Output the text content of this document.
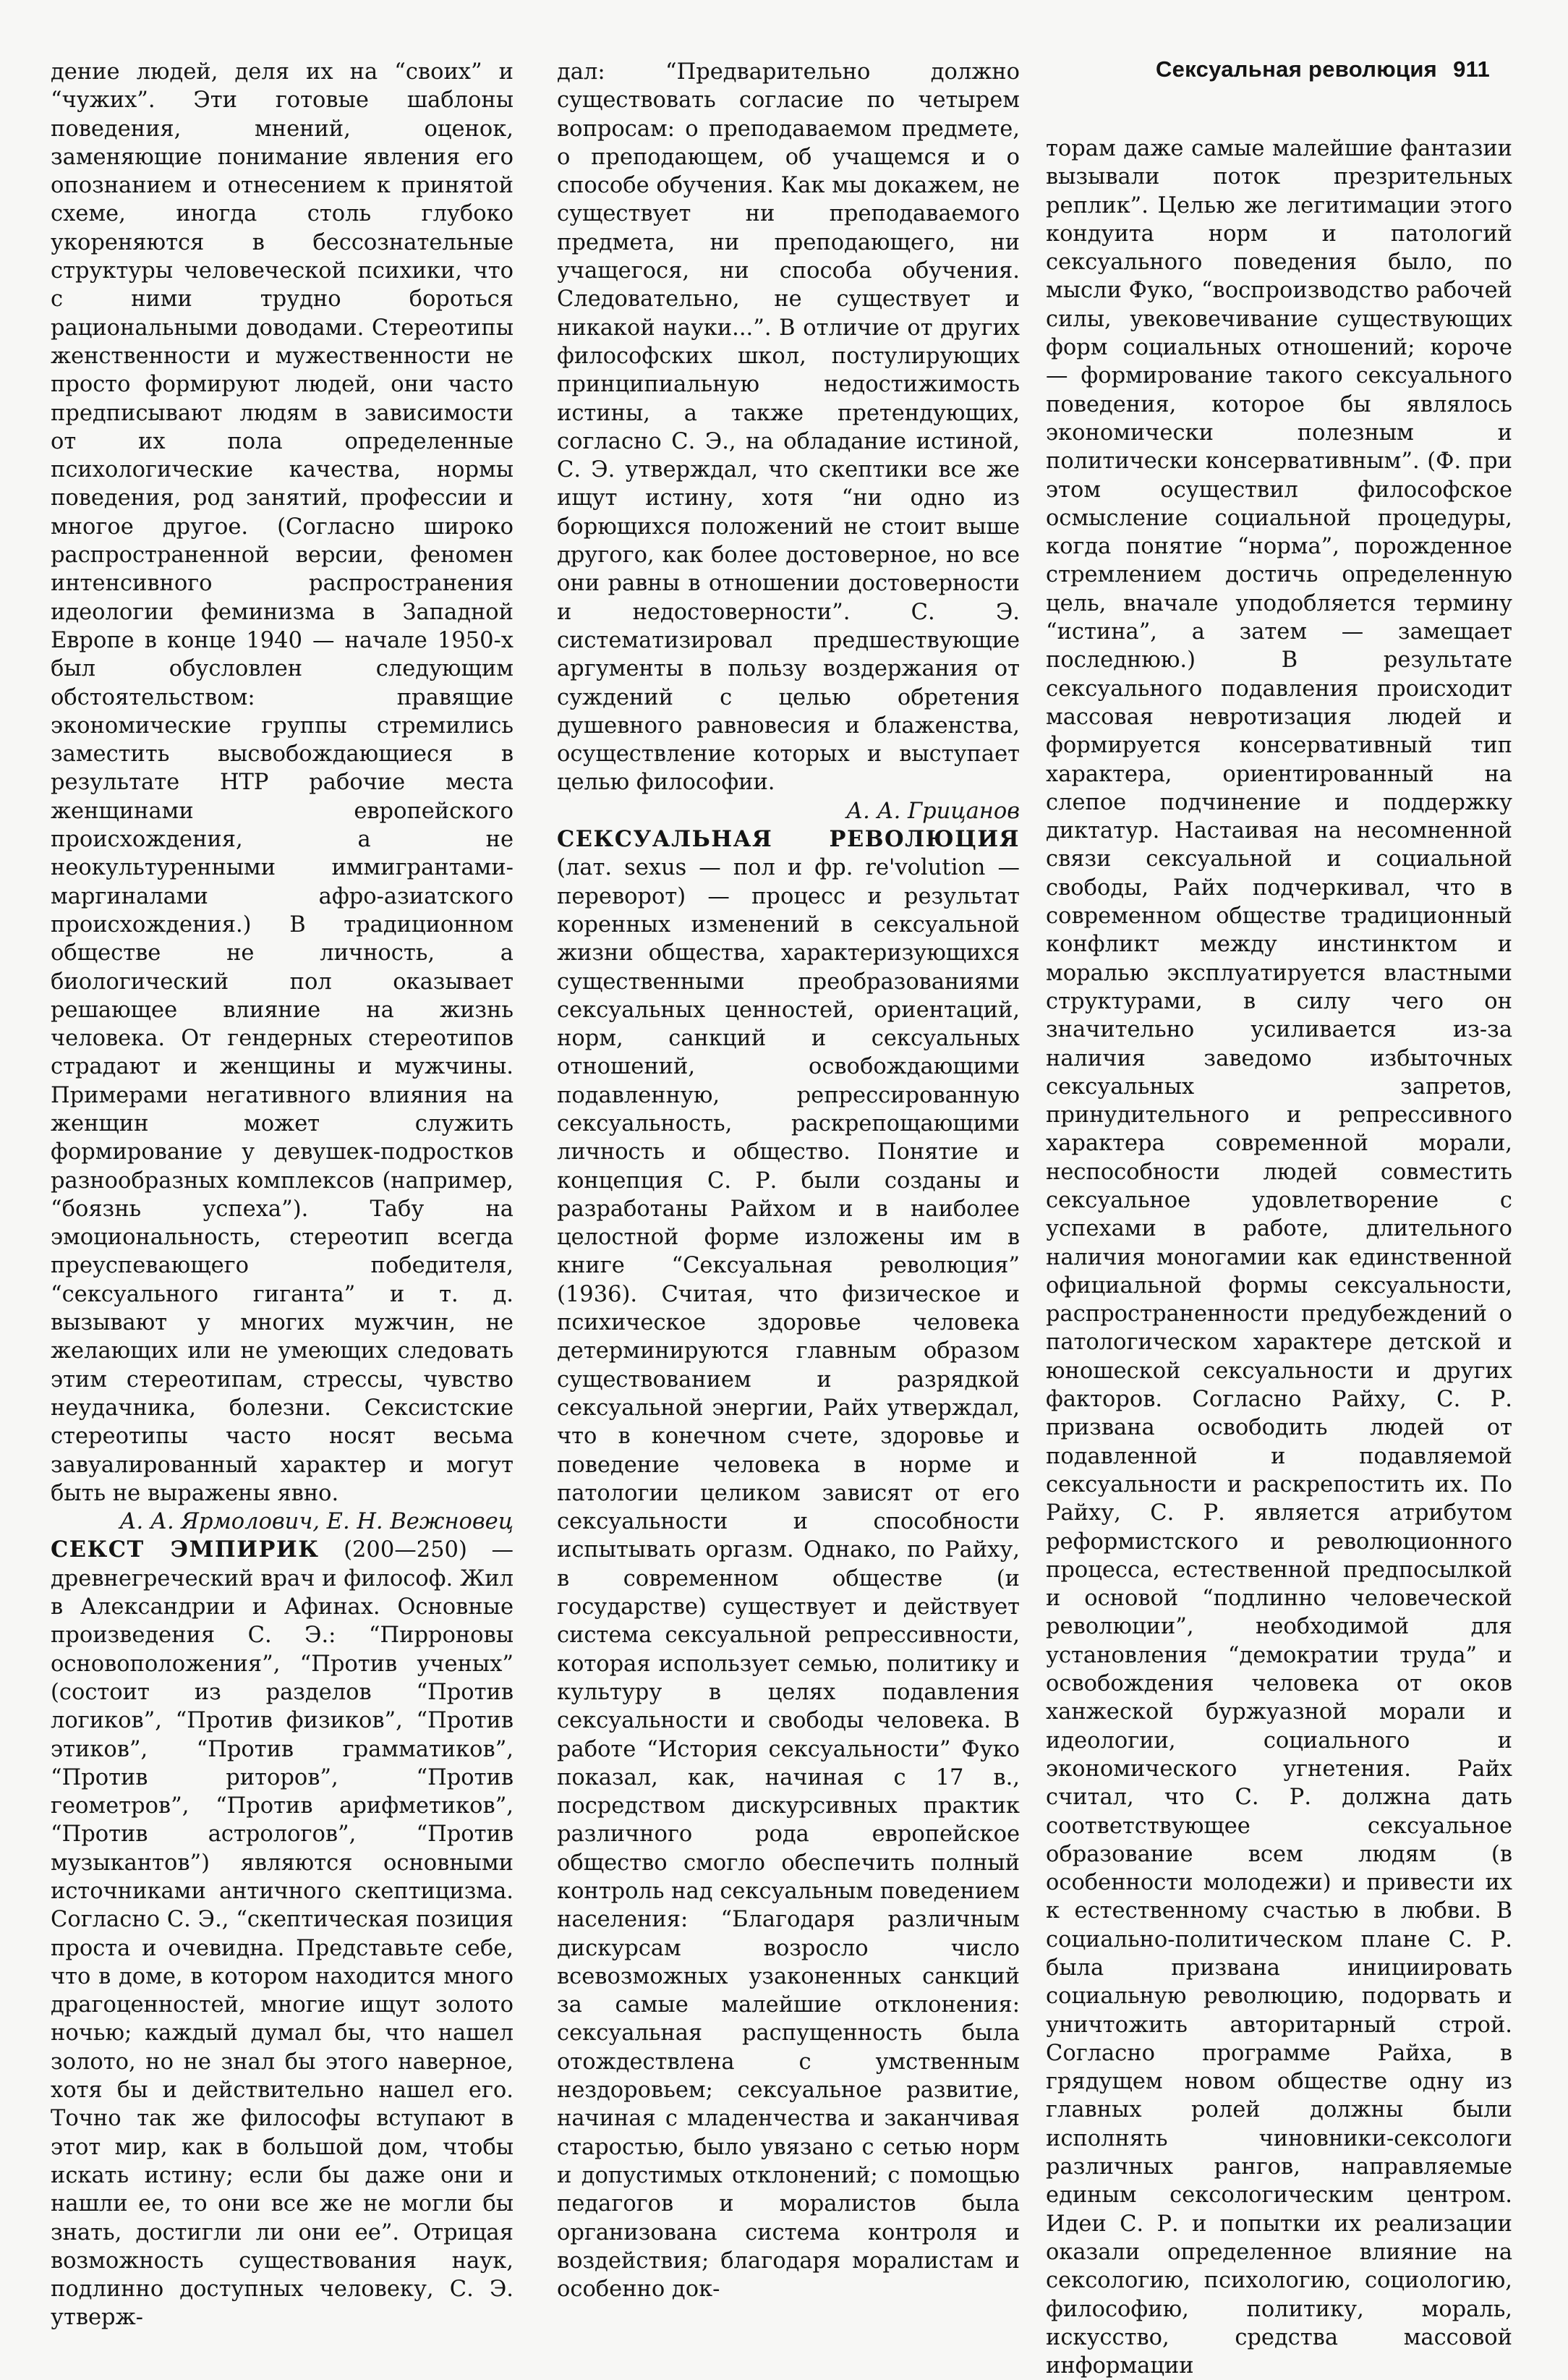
Сексуальная революция 911

дение людей, деля их на “своих” и “чужих”. Эти готовые шаблоны поведения, мнений, оценок, заменяющие понимание явления его опознанием и отнесением к принятой схеме, иногда столь глубоко укореняются в бессознательные структуры человеческой психики, что с ними трудно бороться рациональными доводами. Стереотипы женственности и мужественности не просто формируют людей, они часто предписывают людям в зависимости от их пола определенные психологические качества, нормы поведения, род занятий, профессии и многое другое. (Согласно широко распространенной версии, феномен интенсивного распространения идеологии феминизма в Западной Европе в конце 1940 — начале 1950-х был обусловлен следующим обстоятельством: правящие экономические группы стремились заместить высвобождающиеся в результате НТР рабочие места женщинами европейского происхождения, а не неокультуренными иммигрантами-маргиналами афро-азиатского происхождения.) В традиционном обществе не личность, а биологический пол оказывает решающее влияние на жизнь человека. От гендерных стереотипов страдают и женщины и мужчины. Примерами негативного влияния на женщин может служить формирование у девушек-подростков разнообразных комплексов (например, “боязнь успеха”). Табу на эмоциональность, стереотип всегда преуспевающего победителя, “сексуального гиганта” и т. д. вызывают у многих мужчин, не желающих или не умеющих следовать этим стереотипам, стрессы, чувство неудачника, болезни. Сексистские стереотипы часто носят весьма завуалированный характер и могут быть не выражены явно.

А. А. Ярмолович, Е. Н. Вежновец

СЕКСТ ЭМПИРИК (200—250) — древнегреческий врач и философ. Жил в Александрии и Афинах. Основные произведения С. Э.: “Пирроновы основоположения”, “Против ученых” (состоит из разделов “Против логиков”, “Против физиков”, “Против этиков”, “Против грамматиков”, “Против риторов”, “Против геометров”, “Против арифметиков”, “Против астрологов”, “Против музыкантов”) являются основными источниками античного скептицизма. Согласно С. Э., “скептическая позиция проста и очевидна. Представьте себе, что в доме, в котором находится много драгоценностей, многие ищут золото ночью; каждый думал бы, что нашел золото, но не знал бы этого наверное, хотя бы и действительно нашел его. Точно так же философы вступают в этот мир, как в большой дом, чтобы искать истину; если бы даже они и нашли ее, то они все же не могли бы знать, достигли ли они ее”. Отрицая возможность существования наук, подлинно доступных человеку, С. Э. утверж-

дал: “Предварительно должно существовать согласие по четырем вопросам: о преподаваемом предмете, о преподающем, об учащемся и о способе обучения. Как мы докажем, не существует ни преподаваемого предмета, ни преподающего, ни учащегося, ни способа обучения. Следовательно, не существует и никакой науки...”. В отличие от других философских школ, постулирующих принципиальную недостижимость истины, а также претендующих, согласно С. Э., на обладание истиной, С. Э. утверждал, что скептики все же ищут истину, хотя “ни одно из борющихся положений не стоит выше другого, как более достоверное, но все они равны в отношении достоверности и недостоверности”. С. Э. систематизировал предшествующие аргументы в пользу воздержания от суждений с целью обретения душевного равновесия и блаженства, осуществление которых и выступает целью философии.

А. А. Грицанов

СЕКСУАЛЬНАЯ РЕВОЛЮЦИЯ (лат. sexus — пол и фр. re'volution — переворот) — процесс и результат коренных изменений в сексуальной жизни общества, характеризующихся существенными преобразованиями сексуальных ценностей, ориентаций, норм, санкций и сексуальных отношений, освобождающими подавленную, репрессированную сексуальность, раскрепощающими личность и общество. Понятие и концепция С. Р. были созданы и разработаны Райхом и в наиболее целостной форме изложены им в книге “Сексуальная революция” (1936). Считая, что физическое и психическое здоровье человека детерминируются главным образом существованием и разрядкой сексуальной энергии, Райх утверждал, что в конечном счете, здоровье и поведение человека в норме и патологии целиком зависят от его сексуальности и способности испытывать оргазм. Однако, по Райху, в современном обществе (и государстве) существует и действует система сексуальной репрессивности, которая использует семью, политику и культуру в целях подавления сексуальности и свободы человека. В работе “История сексуальности” Фуко показал, как, начиная с 17 в., посредством дискурсивных практик различного рода европейское общество смогло обеспечить полный контроль над сексуальным поведением населения: “Благодаря различным дискурсам возросло число всевозможных узаконенных санкций за самые малейшие отклонения: сексуальная распущенность была отождествлена с умственным нездоровьем; сексуальное развитие, начиная с младенчества и заканчивая старостью, было увязано с сетью норм и допустимых отклонений; с помощью педагогов и моралистов была организована система контроля и воздействия; благодаря моралистам и особенно док-

торам даже самые малейшие фантазии вызывали поток презрительных реплик”. Целью же легитимации этого кондуита норм и патологий сексуального поведения было, по мысли Фуко, “воспроизводство рабочей силы, увековечивание существующих форм социальных отношений; короче — формирование такого сексуального поведения, которое бы являлось экономически полезным и политически консервативным”. (Ф. при этом осуществил философское осмысление социальной процедуры, когда понятие “норма”, порожденное стремлением достичь определенную цель, вначале уподобляется термину “истина”, а затем — замещает последнюю.) В результате сексуального подавления происходит массовая невротизация людей и формируется консервативный тип характера, ориентированный на слепое подчинение и поддержку диктатур. Настаивая на несомненной связи сексуальной и социальной свободы, Райх подчеркивал, что в современном обществе традиционный конфликт между инстинктом и моралью эксплуатируется властными структурами, в силу чего он значительно усиливается из-за наличия заведомо избыточных сексуальных запретов, принудительного и репрессивного характера современной морали, неспособности людей совместить сексуальное удовлетворение с успехами в работе, длительного наличия моногамии как единственной официальной формы сексуальности, распространенности предубеждений о патологическом характере детской и юношеской сексуальности и других факторов. Согласно Райху, С. Р. призвана освободить людей от подавленной и подавляемой сексуальности и раскрепостить их. По Райху, С. Р. является атрибутом реформистского и революционного процесса, естественной предпосылкой и основой “подлинно человеческой революции”, необходимой для установления “демократии труда” и освобождения человека от оков ханжеской буржуазной морали и идеологии, социального и экономического угнетения. Райх считал, что С. Р. должна дать соответствующее сексуальное образование всем людям (в особенности молодежи) и привести их к естественному счастью в любви. В социально-политическом плане С. Р. была призвана инициировать социальную революцию, подорвать и уничтожить авторитарный строй. Согласно программе Райха, в грядущем новом обществе одну из главных ролей должны были исполнять чиновники-сексологи различных рангов, направляемые единым сексологическим центром. Идеи С. Р. и попытки их реализации оказали определенное влияние на сексологию, психологию, социологию, философию, политику, мораль, искусство, средства массовой информации
